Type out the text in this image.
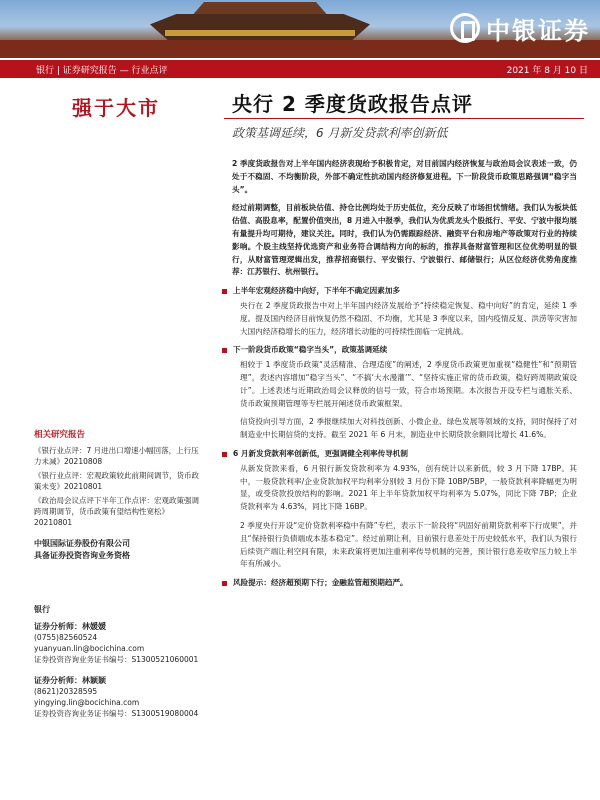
中银证券
银行 | 证券研究报告 — 行业点评	2021 年 8 月 10 日
强于大市
相关研究报告

《银行业点评：7 月进出口增速小幅回落，上行压力未减》20210808

《银行业点评：宏观政策较此前期间调节，货币政策未变》20210801

《政治局会议点评下半年工作点评：宏观政策强调跨周期调节，货币政策有望结构性宽松》20210801

中银国际证券股份有限公司
具备证券投资咨询业务资格
银行
证券分析师：林媛媛
(0755)82560524
yuanyuan.lin@bocichina.com
证券投资咨询业务证书编号：S1300521060001
证券分析师：林颖颖
(8621)20328595
yingying.lin@bocichina.com
证券投资咨询业务证书编号：S1300519080004
央行 2 季度货政报告点评
政策基调延续，6 月新发贷款利率创新低

2 季度货政报告对上半年国内经济表现给予积极肯定，对目前国内经济恢复与政治局会议表述一致，仍处于不稳固、不均衡阶段，外部不确定性抗动国内经济修复进程。下一阶段货币政策思路强调“稳字当头”。

经过前期调整，目前板块估值、持仓比例均处于历史低位，充分反映了市场担忧情绪。我们认为板块低估值、高股息率，配置价值突出，8 月进入中报季，我们认为优质龙头个股抵行、平安、宁波中报均展有量提升均可期待，建议关注。同时，我们认为仍需跟踪经济、融资平台和房地产等政策对行业的持续影响。个股主线坚持优选资产和业务符合调结构方向的标的，推荐具备财富管理和区位优势明显的银行，从财富管理逻辑出发，推荐招商银行、平安银行、宁波银行、邮储银行；从区位经济优势角度推荐：江苏银行、杭州银行。

上半年宏观经济稳中向好，下半年不确定因素加多

央行在 2 季度货政报告中对上半年国内经济发展给予“持续稳定恢复、稳中向好”的肯定，延续 1 季度。提及国内经济目前恢复仍然不稳固、不均衡，尤其是 3 季度以来，国内疫情反复、洪涝等灾害加大国内经济稳增长的压力，经济增长动能的可持续性面临一定挑战。

下一阶段货币政策“稳字当头”，政策基调延续

相较于 1 季度货币政策“灵活精准、合理适度”的阐述，2 季度货币政策更加重视“稳健性”和“预期管理”，表述内容增加“稳字当头”、“不搞‘大水漫灌’”、“坚持实施正常的货币政策，稳好跨周期政策设计”。上述表述与近期政治局会议释放的信号一致，符合市场预期。本次报告开设专栏与通胀关系、货币政策预期管理等专栏展开阐述货币政策框架。

信贷投向引导方面，2 季报继续加大对科技创新、小微企业、绿色发展等领域的支持，同时保持了对制造业中长期信贷的支持。截至 2021 年 6 月末，制造业中长期贷款余额同比增长 41.6%。

6 月新发贷款利率创新低，更强调健全利率传导机制

从新发贷款来看，6 月银行新发贷款利率为 4.93%，创有统计以来新低，较 3 月下降 17BP。其中，一般贷款利率/企业贷款加权平均利率分别较 3 月份下降 10BP/5BP，一般贷款利率降幅更为明显，或受贷款投放结构的影响。2021 年上半年贷款加权平均利率为 5.07%，同比下降 7BP；企业贷款利率为 4.63%，同比下降 16BP。

2 季度央行开设“定价贷款利率稳中有降”专栏，表示下一阶段将“巩固好前期贷款利率下行成果”，并且“保持银行负债端成本基本稳定”。经过前期让利，目前银行息差处于历史较低水平，我们认为银行后续资产端让利空间有限，未来政策将更加注重利率传导机制的完善，预计银行息差收窄压力较上半年有所减小。

风险提示：经济超预期下行；金融监管超预期趋严。
